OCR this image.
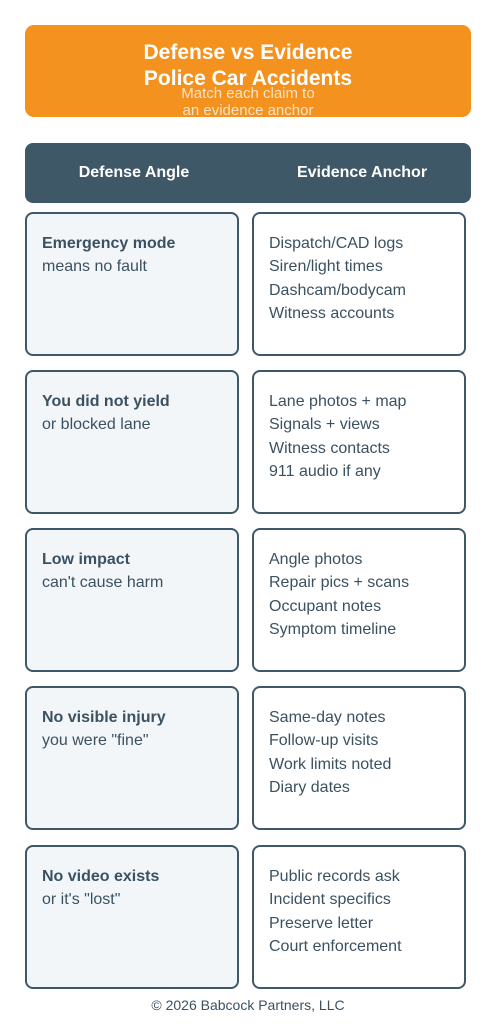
Defense vs Evidence
Police Car Accidents
Match each claim to
an evidence anchor
Defense Angle	Evidence Anchor
Emergency mode
means no fault
Dispatch/CAD logs
Siren/light times
Dashcam/bodycam
Witness accounts
You did not yield
or blocked lane
Lane photos + map
Signals + views
Witness contacts
911 audio if any
Low impact
can't cause harm
Angle photos
Repair pics + scans
Occupant notes
Symptom timeline
No visible injury
you were "fine"
Same-day notes
Follow-up visits
Work limits noted
Diary dates
No video exists
or it's "lost"
Public records ask
Incident specifics
Preserve letter
Court enforcement
© 2026 Babcock Partners, LLC
